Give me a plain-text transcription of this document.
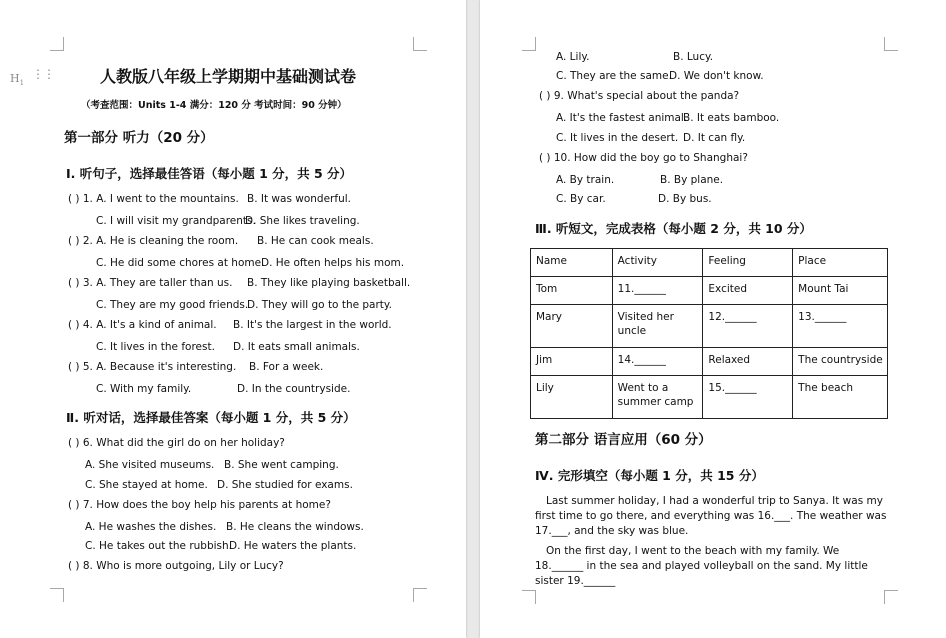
$H_1$
⋮⋮	人教版八年级上学期期中基础测试卷
（考查范围：Units 1-4 满分：120 分 考试时间：90 分钟）
第一部分 听力（20 分）
Ⅰ. 听句子，选择最佳答语（每小题 1 分，共 5 分）
( ) 1. A. I went to the mountains. B. It was wonderful.
C. I will visit my grandparents.
D. She likes traveling.
( ) 2. A. He is cleaning the room. B. He can cook meals.
C. He did some chores at home.
D. He often helps his mom.
( ) 3. A. They are taller than us. B. They like playing basketball.
C. They are my good friends.
D. They will go to the party.
( ) 4. A. It's a kind of animal. B. It's the largest in the world.
C. It lives in the forest. D. It eats small animals.
( ) 5. A. Because it's interesting. B. For a week.
C. With my family.	D. In the countryside.
Ⅱ. 听对话，选择最佳答案（每小题 1 分，共 5 分）
( ) 6. What did the girl do on her holiday?
A. She visited museums. B. She went camping.
C. She stayed at home. D. She studied for exams.
( ) 7. How does the boy help his parents at home?
A. He washes the dishes. B. He cleans the windows.
C. He takes out the rubbish.
D. He waters the plants.
( ) 8. Who is more outgoing, Lily or Lucy?
A. Lily.	B. Lucy.
C. They are the same.
D. We don't know.
( ) 9. What's special about the panda?
A. It's the fastest animal.
B. It eats bamboo.
C. It lives in the desert. D. It can fly.
( ) 10. How did the boy go to Shanghai?
A. By train.	B. By plane.
C. By car.	D. By bus.
Ⅲ. 听短文，完成表格（每小题 2 分，共 10 分）
Name	Activity	Feeling	Place
Tom	11.______	Excited	Mount Tai
Mary	Visited her uncle	12.______	13.______
Jim	14.______	Relaxed	The countryside
Lily	Went to a summer camp	15.______	The beach
第二部分 语言应用（60 分）
Ⅳ. 完形填空（每小题 1 分，共 15 分）
Last summer holiday, I had a wonderful trip to Sanya. It was my first time to go there, and everything was 16.___. The weather was 17.___, and the sky was blue.
On the first day, I went to the beach with my family. We 18.______ in the sea and played volleyball on the sand. My little sister 19.______
